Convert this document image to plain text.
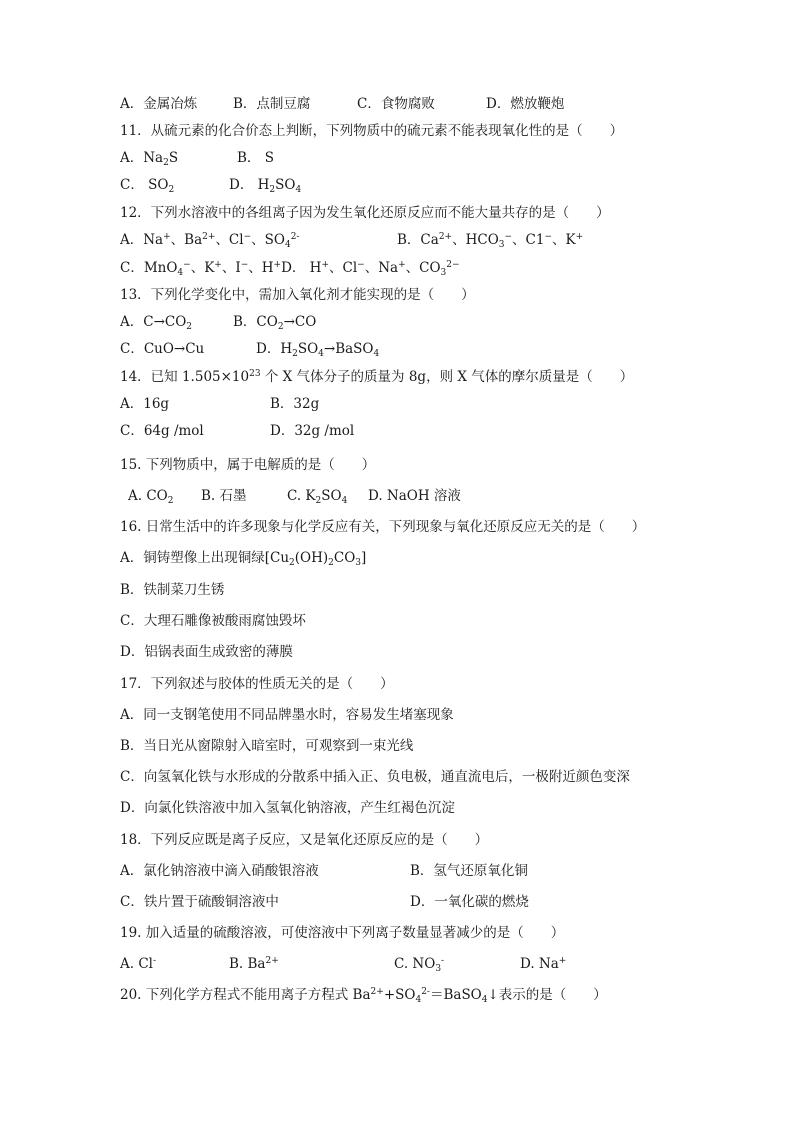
A．金属冶炼	B．点制豆腐	C．食物腐败	D．燃放鞭炮
11．从硫元素的化合价态上判断，下列物质中的硫元素不能表现氧化性的是（　　）
A．$Na_2S$	B． S
C． $SO_2$	D． $H_2SO_4$
12．下列水溶液中的各组离子因为发生氧化还原反应而不能大量共存的是（　　）
A．Na+、$Ba^{2+}$、Cl−、$SO_4^{2-}$	B．$Ca^{2+}$、$HCO_3^-$、C1−、K+
C．MnO$_4$−、K+、I−、H+D． H+、Cl−、Na+、$CO_3^{2-}$
13．下列化学变化中，需加入氧化剂才能实现的是（　　）
A．$C\to CO_2$	B．$CO_2\to CO$
C．CuO→Cu	D．$H_2SO_4\to BaSO_4$
14．已知 $1.505\times 10^{23}$ 个 X 气体分子的质量为 8g，则 X 气体的摩尔质量是（　　）
A．16g	B．32g
C．64g /mol	D．32g /mol
15. 下列物质中，属于电解质的是（　　）
A. $CO_2$ B. 石墨	C. $K_2SO_4$ D. NaOH 溶液
16. 日常生活中的许多现象与化学反应有关，下列现象与氧化还原反应无关的是（　　）
A．铜铸塑像上出现铜绿$[Cu_2(OH)_2CO_3]$
B．铁制菜刀生锈
C．大理石雕像被酸雨腐蚀毁坏
D．铝锅表面生成致密的薄膜
17．下列叙述与胶体的性质无关的是（　　）
A．同一支钢笔使用不同品牌墨水时，容易发生堵塞现象
B．当日光从窗隙射入暗室时，可观察到一束光线
C．向氢氧化铁与水形成的分散系中插入正、负电极，通直流电后，一极附近颜色变深
D．向氯化铁溶液中加入氢氧化钠溶液，产生红褐色沉淀
18．下列反应既是离子反应，又是氧化还原反应的是（　　）
A．氯化钠溶液中滴入硝酸银溶液	B．氢气还原氧化铜
C．铁片置于硫酸铜溶液中	D．一氧化碳的燃烧
19. 加入适量的硫酸溶液，可使溶液中下列离子数量显著减少的是（　　）
A. Cl-	B. $Ba^{2+}$	C. $NO_3^-$	D. Na+
20. 下列化学方程式不能用离子方程式 $Ba^{2+}+SO_4^{2-}=BaSO_4↓$表示的是（　　）
